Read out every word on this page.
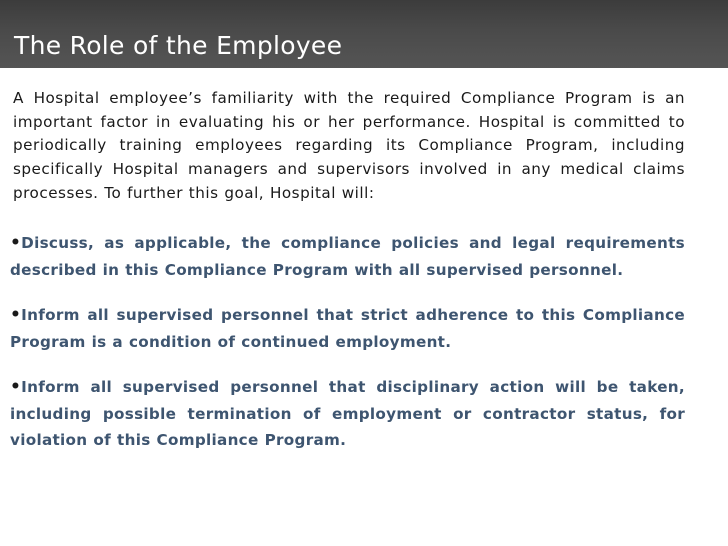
The Role of the Employee

A Hospital employee’s familiarity with the required Compliance Program is an important factor in evaluating his or her performance. Hospital is committed to periodically training employees regarding its Compliance Program, including specifically Hospital managers and supervisors involved in any medical claims processes. To further this goal, Hospital will:

•Discuss, as applicable, the compliance policies and legal requirements described in this Compliance Program with all supervised personnel.

•Inform all supervised personnel that strict adherence to this Compliance Program is a condition of continued employment.

•Inform all supervised personnel that disciplinary action will be taken, including possible termination of employment or contractor status, for violation of this Compliance Program.
